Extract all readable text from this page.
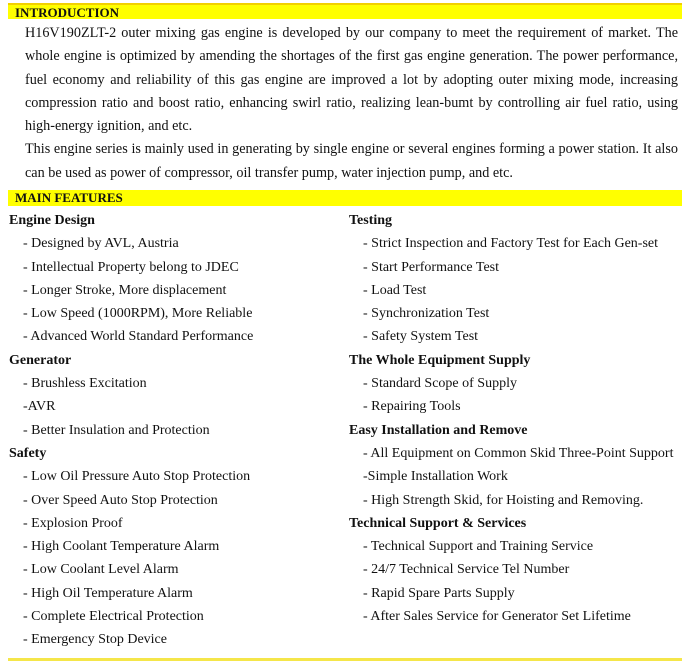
INTRODUCTION

H16V190ZLT-2 outer mixing gas engine is developed by our company to meet the requirement of market. The whole engine is optimized by amending the shortages of the first gas engine generation. The power performance, fuel economy and reliability of this gas engine are improved a lot by adopting outer mixing mode, increasing compression ratio and boost ratio, enhancing swirl ratio, realizing lean-bumt by controlling air fuel ratio, using high-energy ignition, and etc.

This engine series is mainly used in generating by single engine or several engines forming a power station. It also can be used as power of compressor, oil transfer pump, water injection pump, and etc.

MAIN FEATURES
Engine Design
- Designed by AVL, Austria
- Intellectual Property belong to JDEC
- Longer Stroke, More displacement
- Low Speed (1000RPM), More Reliable
- Advanced World Standard Performance
Generator
- Brushless Excitation
-AVR
- Better Insulation and Protection
Safety
- Low Oil Pressure Auto Stop Protection
- Over Speed Auto Stop Protection
- Explosion Proof
- High Coolant Temperature Alarm
- Low Coolant Level Alarm
- High Oil Temperature Alarm
- Complete Electrical Protection
- Emergency Stop Device
Testing
- Strict Inspection and Factory Test for Each Gen-set
- Start Performance Test
- Load Test
- Synchronization Test
- Safety System Test
The Whole Equipment Supply
- Standard Scope of Supply
- Repairing Tools
Easy Installation and Remove
- All Equipment on Common Skid Three-Point Support
-Simple Installation Work
- High Strength Skid, for Hoisting and Removing.
Technical Support & Services
- Technical Support and Training Service
- 24/7 Technical Service Tel Number
- Rapid Spare Parts Supply
- After Sales Service for Generator Set Lifetime
